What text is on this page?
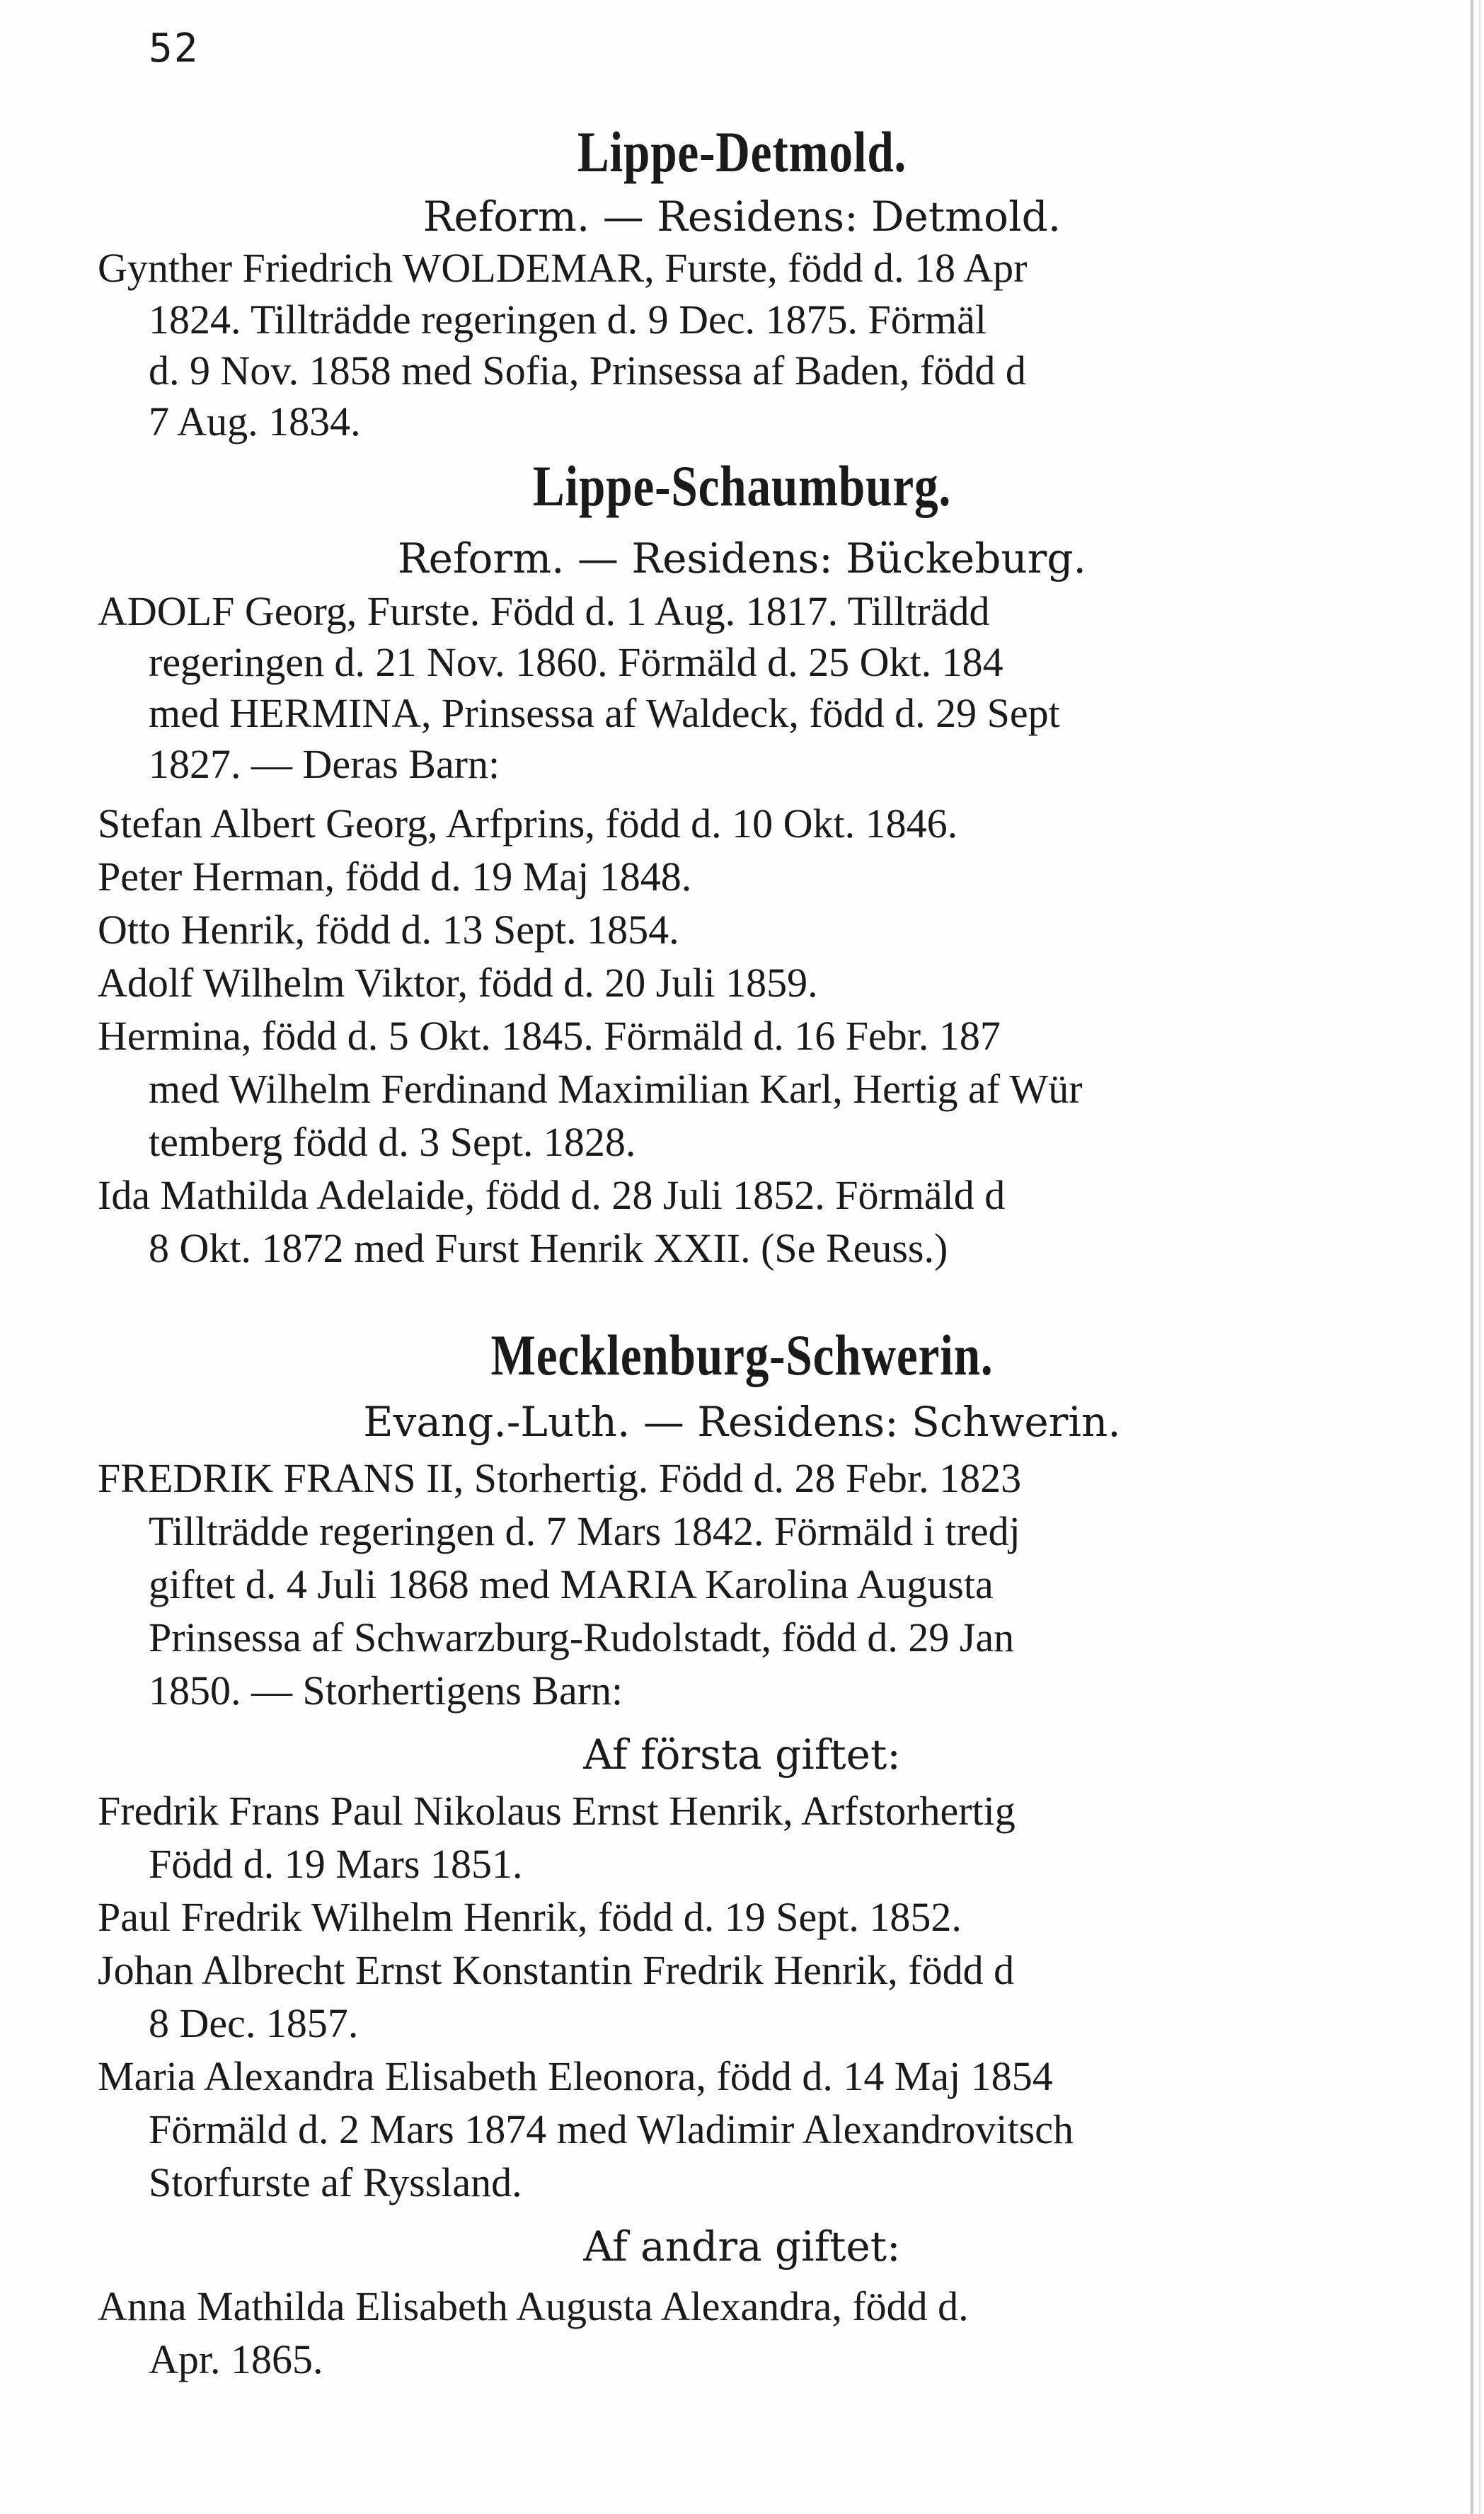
52
Lippe-Detmold.
Reform. — Residens: Detmold.
Gynther Friedrich WOLDEMAR, Furste, född d. 18 Apr
1824. Tillträdde regeringen d. 9 Dec. 1875. Förmäl
d. 9 Nov. 1858 med Sofia, Prinsessa af Baden, född d
7 Aug. 1834.
Lippe-Schaumburg.
Reform. — Residens: Bückeburg.
ADOLF Georg, Furste. Född d. 1 Aug. 1817. Tillträdd
regeringen d. 21 Nov. 1860. Förmäld d. 25 Okt. 184
med HERMINA, Prinsessa af Waldeck, född d. 29 Sept
1827. — Deras Barn:
Stefan Albert Georg, Arfprins, född d. 10 Okt. 1846.
Peter Herman, född d. 19 Maj 1848.
Otto Henrik, född d. 13 Sept. 1854.
Adolf Wilhelm Viktor, född d. 20 Juli 1859.
Hermina, född d. 5 Okt. 1845. Förmäld d. 16 Febr. 187
med Wilhelm Ferdinand Maximilian Karl, Hertig af Wür
temberg född d. 3 Sept. 1828.
Ida Mathilda Adelaide, född d. 28 Juli 1852. Förmäld d
8 Okt. 1872 med Furst Henrik XXII. (Se Reuss.)
Mecklenburg-Schwerin.
Evang.-Luth. — Residens: Schwerin.
FREDRIK FRANS II, Storhertig. Född d. 28 Febr. 1823
Tillträdde regeringen d. 7 Mars 1842. Förmäld i tredj
giftet d. 4 Juli 1868 med MARIA Karolina Augusta
Prinsessa af Schwarzburg-Rudolstadt, född d. 29 Jan
1850. — Storhertigens Barn:
Af första giftet:
Fredrik Frans Paul Nikolaus Ernst Henrik, Arfstorhertig
Född d. 19 Mars 1851.
Paul Fredrik Wilhelm Henrik, född d. 19 Sept. 1852.
Johan Albrecht Ernst Konstantin Fredrik Henrik, född d
8 Dec. 1857.
Maria Alexandra Elisabeth Eleonora, född d. 14 Maj 1854
Förmäld d. 2 Mars 1874 med Wladimir Alexandrovitsch
Storfurste af Ryssland.
Af andra giftet:
Anna Mathilda Elisabeth Augusta Alexandra, född d.
Apr. 1865.
